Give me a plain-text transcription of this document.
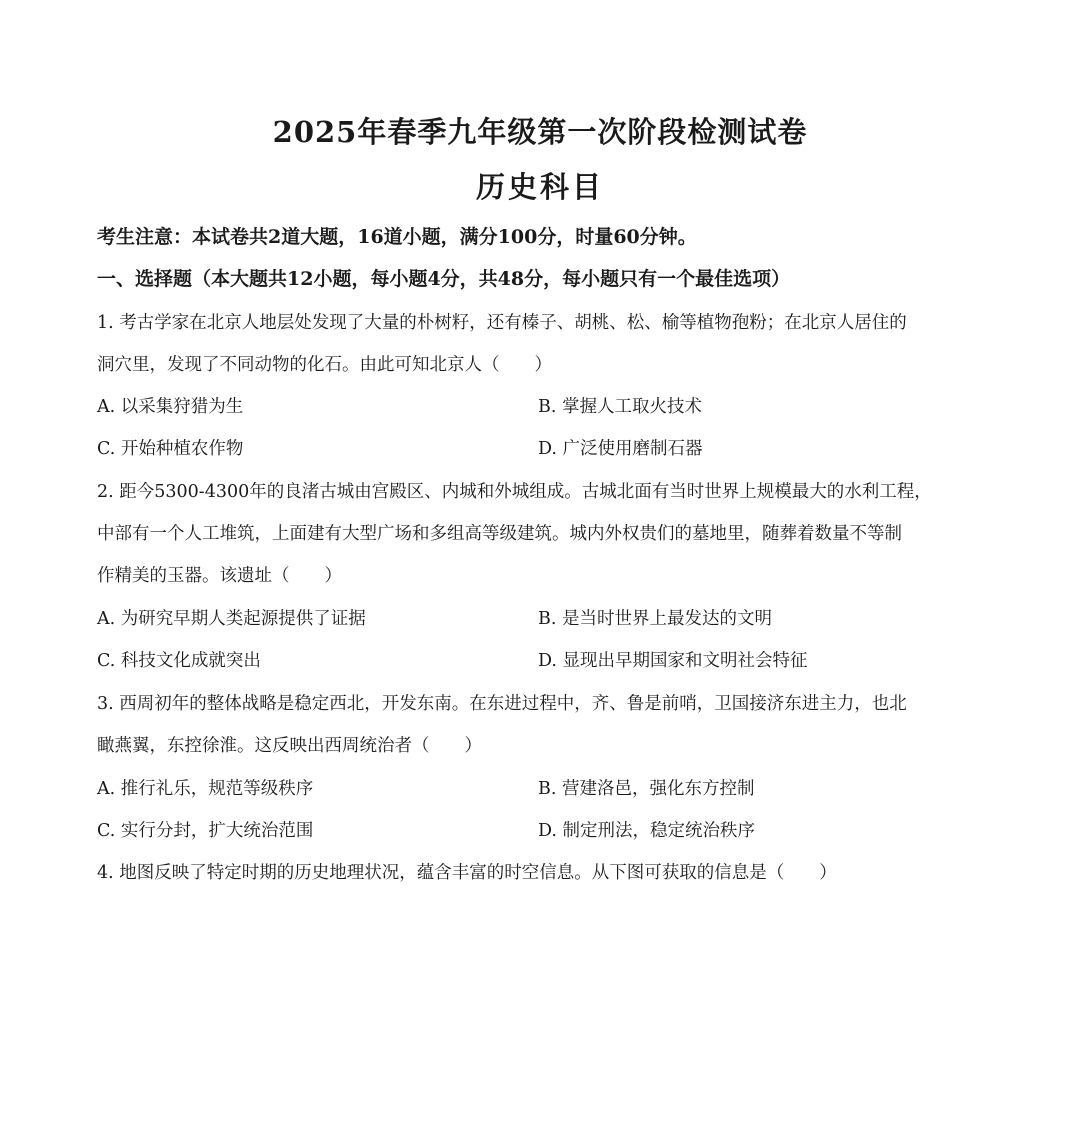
2025年春季九年级第一次阶段检测试卷
历史科目
考生注意：本试卷共2道大题，16道小题，满分100分，时量60分钟。
一、选择题（本大题共12小题，每小题4分，共48分，每小题只有一个最佳选项）
1. 考古学家在北京人地层处发现了大量的朴树籽，还有榛子、胡桃、松、榆等植物孢粉；在北京人居住的
洞穴里，发现了不同动物的化石。由此可知北京人（　　）
A. 以采集狩猎为生	B. 掌握人工取火技术
C. 开始种植农作物	D. 广泛使用磨制石器
2. 距今5300-4300年的良渚古城由宫殿区、内城和外城组成。古城北面有当时世界上规模最大的水利工程，
中部有一个人工堆筑，上面建有大型广场和多组高等级建筑。城内外权贵们的墓地里，随葬着数量不等制
作精美的玉器。该遗址（　　）
A. 为研究早期人类起源提供了证据	B. 是当时世界上最发达的文明
C. 科技文化成就突出	D. 显现出早期国家和文明社会特征
3. 西周初年的整体战略是稳定西北，开发东南。在东进过程中，齐、鲁是前哨，卫国接济东进主力，也北
瞰燕翼，东控徐淮。这反映出西周统治者（　　）
A. 推行礼乐，规范等级秩序	B. 营建洛邑，强化东方控制
C. 实行分封，扩大统治范围	D. 制定刑法，稳定统治秩序
4. 地图反映了特定时期的历史地理状况，蕴含丰富的时空信息。从下图可获取的信息是（　　）
